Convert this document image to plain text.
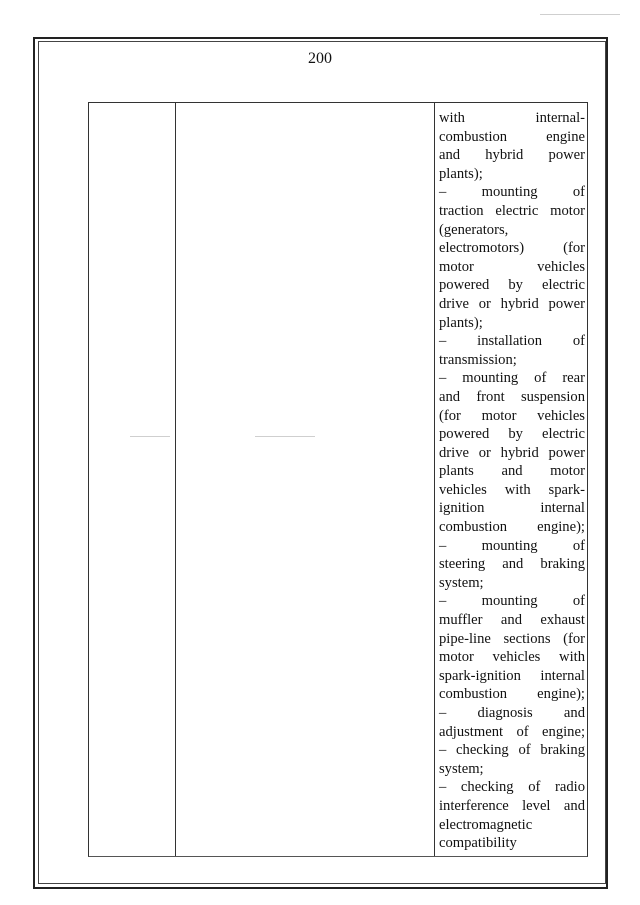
200
with internal-
combustion engine
and hybrid power
plants);
– mounting of
traction electric motor
(generators,
electromotors) (for
motor vehicles
powered by electric
drive or hybrid power
plants);
– installation of
transmission;
– mounting of rear
and front suspension
(for motor vehicles
powered by electric
drive or hybrid power
plants and motor
vehicles with spark-
ignition internal
combustion engine);
– mounting of
steering and braking
system;
– mounting of
muffler and exhaust
pipe-line sections (for
motor vehicles with
spark-ignition internal
combustion engine);
– diagnosis and
adjustment of engine;
– checking of braking
system;
– checking of radio
interference level and
electromagnetic
compatibility
